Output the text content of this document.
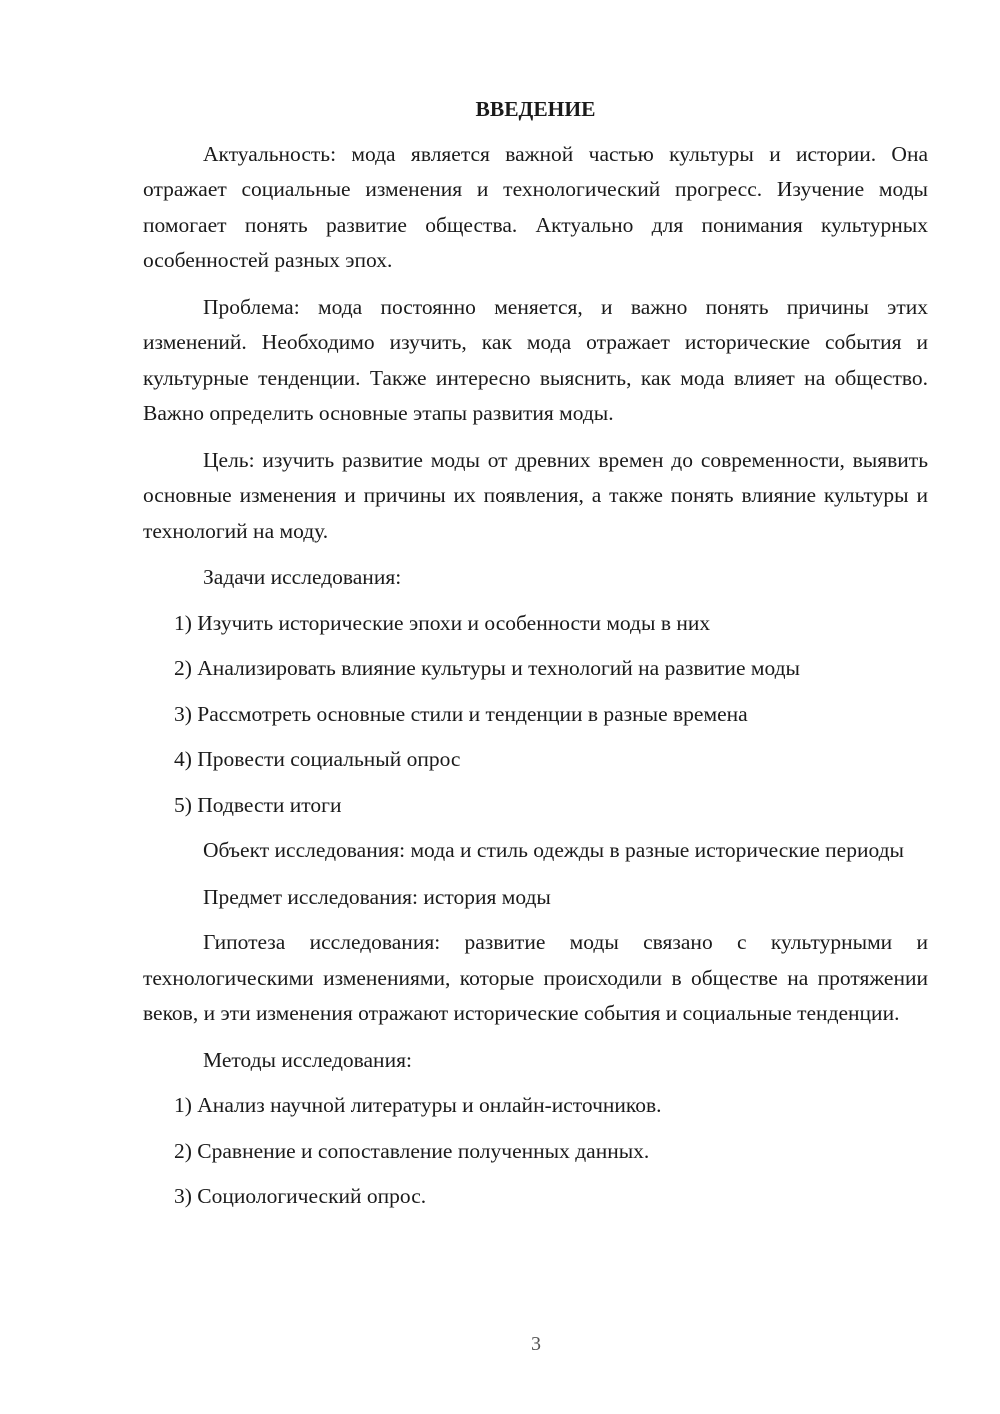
ВВЕДЕНИЕ
Актуальность: мода является важной частью культуры и истории. Она отражает социальные изменения и технологический прогресс. Изучение моды помогает понять развитие общества. Актуально для понимания культурных особенностей разных эпох.
Проблема: мода постоянно меняется, и важно понять причины этих изменений. Необходимо изучить, как мода отражает исторические события и культурные тенденции. Также интересно выяснить, как мода влияет на общество. Важно определить основные этапы развития моды.
Цель: изучить развитие моды от древних времен до современности, выявить основные изменения и причины их появления, а также понять влияние культуры и технологий на моду.
Задачи исследования:
1) Изучить исторические эпохи и особенности моды в них
2) Анализировать влияние культуры и технологий на развитие моды
3) Рассмотреть основные стили и тенденции в разные времена
4) Провести социальный опрос
5) Подвести итоги
Объект исследования: мода и стиль одежды в разные исторические периоды
Предмет исследования: история моды
Гипотеза исследования: развитие моды связано с культурными и технологическими изменениями, которые происходили в обществе на протяжении веков, и эти изменения отражают исторические события и социальные тенденции.
Методы исследования:
1) Анализ научной литературы и онлайн-источников.
2) Сравнение и сопоставление полученных данных.
3) Социологический опрос.
3
